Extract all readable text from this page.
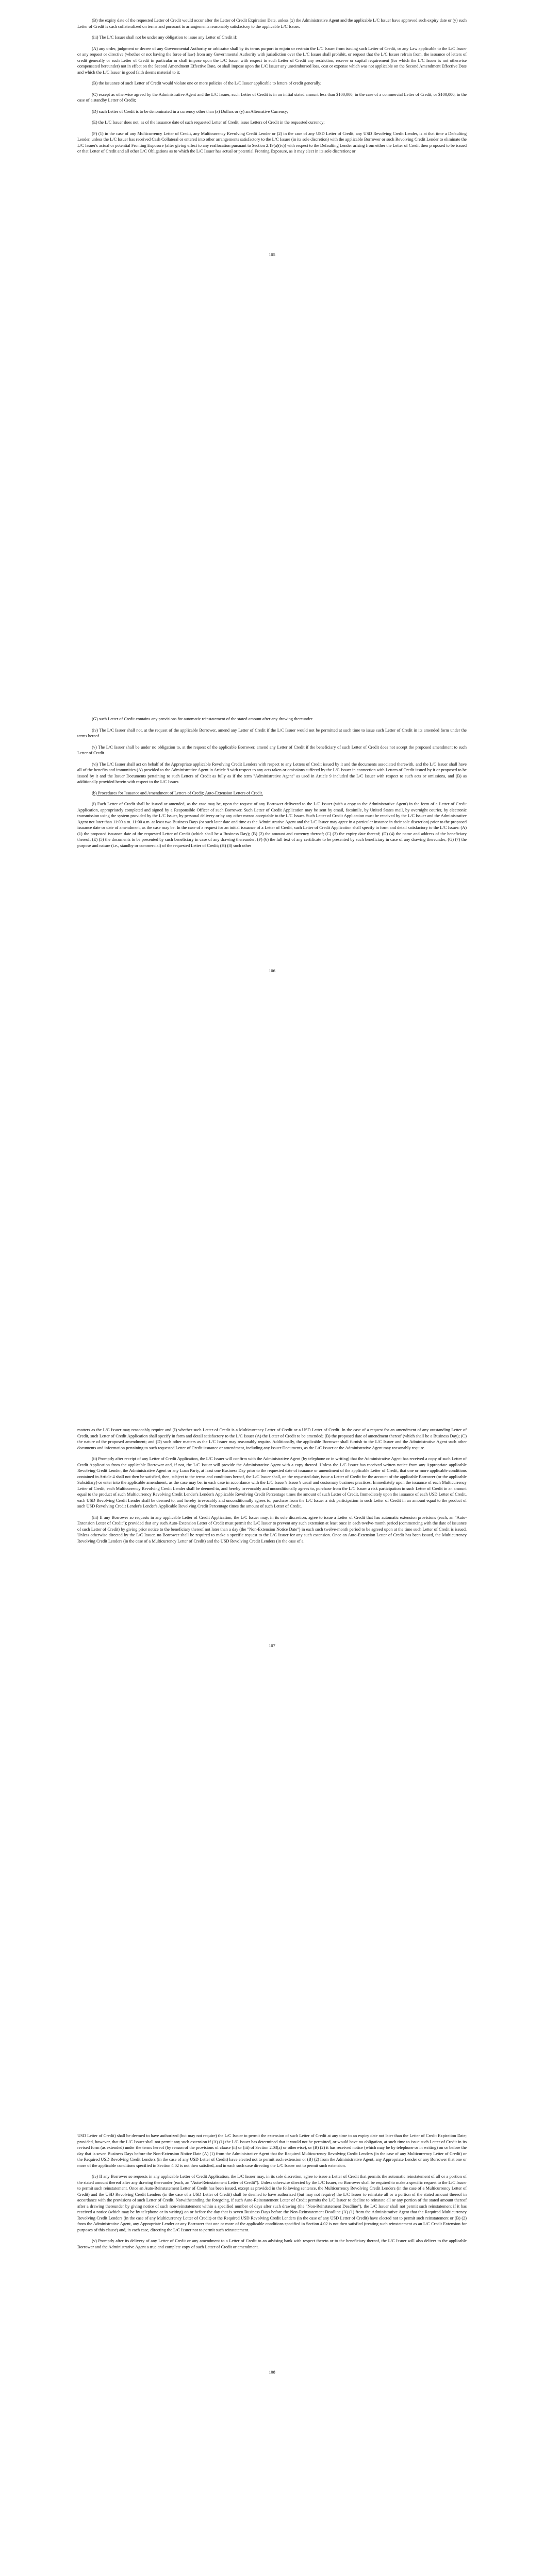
(B) the expiry date of the requested Letter of Credit would occur after the Letter of Credit Expiration Date, unless (x) the Administrative Agent and the applicable L/C Issuer have approved such expiry date or (y) such Letter of Credit is cash collateralized on terms and pursuant to arrangements reasonably satisfactory to the applicable L/C Issuer.

(iii) The L/C Issuer shall not be under any obligation to issue any Letter of Credit if:

(A) any order, judgment or decree of any Governmental Authority or arbitrator shall by its terms purport to enjoin or restrain the L/C Issuer from issuing such Letter of Credit, or any Law applicable to the L/C Issuer or any request or directive (whether or not having the force of law) from any Governmental Authority with jurisdiction over the L/C Issuer shall prohibit, or request that the L/C Issuer refrain from, the issuance of letters of credit generally or such Letter of Credit in particular or shall impose upon the L/C Issuer with respect to such Letter of Credit any restriction, reserve or capital requirement (for which the L/C Issuer is not otherwise compensated hereunder) not in effect on the Second Amendment Effective Date, or shall impose upon the L/C Issuer any unreimbursed loss, cost or expense which was not applicable on the Second Amendment Effective Date and which the L/C Issuer in good faith deems material to it;

(B) the issuance of such Letter of Credit would violate one or more policies of the L/C Issuer applicable to letters of credit generally;

(C) except as otherwise agreed by the Administrative Agent and the L/C Issuer, such Letter of Credit is in an initial stated amount less than $100,000, in the case of a commercial Letter of Credit, or $100,000, in the case of a standby Letter of Credit;

(D) such Letter of Credit is to be denominated in a currency other than (x) Dollars or (y) an Alternative Currency;

(E) the L/C Issuer does not, as of the issuance date of such requested Letter of Credit, issue Letters of Credit in the requested currency;

(F) (1) in the case of any Multicurrency Letter of Credit, any Multicurrency Revolving Credit Lender or (2) in the case of any USD Letter of Credit, any USD Revolving Credit Lender, is at that time a Defaulting Lender, unless the L/C Issuer has received Cash Collateral or entered into other arrangements satisfactory to the L/C Issuer (in its sole discretion) with the applicable Borrower or such Revolving Credit Lender to eliminate the L/C Issuer's actual or potential Fronting Exposure (after giving effect to any reallocation pursuant to Section 2.19(a)(iv)) with respect to the Defaulting Lender arising from either the Letter of Credit then proposed to be issued or that Letter of Credit and all other L/C Obligations as to which the L/C Issuer has actual or potential Fronting Exposure, as it may elect in its sole discretion; or

105

(G) such Letter of Credit contains any provisions for automatic reinstatement of the stated amount after any drawing thereunder.

(iv) The L/C Issuer shall not, at the request of the applicable Borrower, amend any Letter of Credit if the L/C Issuer would not be permitted at such time to issue such Letter of Credit in its amended form under the terms hereof.

(v) The L/C Issuer shall be under no obligation to, at the request of the applicable Borrower, amend any Letter of Credit if the beneficiary of such Letter of Credit does not accept the proposed amendment to such Letter of Credit.

(vi) The L/C Issuer shall act on behalf of the Appropriate applicable Revolving Credit Lenders with respect to any Letters of Credit issued by it and the documents associated therewith, and the L/C Issuer shall have all of the benefits and immunities (A) provided to the Administrative Agent in Article 9 with respect to any acts taken or omissions suffered by the L/C Issuer in connection with Letters of Credit issued by it or proposed to be issued by it and the Issuer Documents pertaining to such Letters of Credit as fully as if the term "Administrative Agent" as used in Article 9 included the L/C Issuer with respect to such acts or omissions, and (B) as additionally provided herein with respect to the L/C Issuer.

(b) Procedures for Issuance and Amendment of Letters of Credit; Auto-Extension Letters of Credit.

(i) Each Letter of Credit shall be issued or amended, as the case may be, upon the request of any Borrower delivered to the L/C Issuer (with a copy to the Administrative Agent) in the form of a Letter of Credit Application, appropriately completed and signed by a Responsible Officer of such Borrower. Such Letter of Credit Application may be sent by email, facsimile, by United States mail, by overnight courier, by electronic transmission using the system provided by the L/C Issuer, by personal delivery or by any other means acceptable to the L/C Issuer. Such Letter of Credit Application must be received by the L/C Issuer and the Administrative Agent not later than 11:00 a.m. 11:00 a.m. at least two Business Days (or such later date and time as the Administrative Agent and the L/C Issuer may agree in a particular instance in their sole discretion) prior to the proposed issuance date or date of amendment, as the case may be. In the case of a request for an initial issuance of a Letter of Credit, such Letter of Credit Application shall specify in form and detail satisfactory to the L/C Issuer: (A) (1) the proposed issuance date of the requested Letter of Credit (which shall be a Business Day); (B) (2) the amount and currency thereof; (C) (3) the expiry date thereof; (D) (4) the name and address of the beneficiary thereof; (E) (5) the documents to be presented by such beneficiary in case of any drawing thereunder; (F) (6) the full text of any certificate to be presented by such beneficiary in case of any drawing thereunder; (G) (7) the purpose and nature (i.e., standby or commercial) of the requested Letter of Credit; (H) (8) such other

106

matters as the L/C Issuer may reasonably require and (I) whether such Letter of Credit is a Multicurrency Letter of Credit or a USD Letter of Credit. In the case of a request for an amendment of any outstanding Letter of Credit, such Letter of Credit Application shall specify in form and detail satisfactory to the L/C Issuer (A) the Letter of Credit to be amended; (B) the proposed date of amendment thereof (which shall be a Business Day); (C) the nature of the proposed amendment; and (D) such other matters as the L/C Issuer may reasonably require. Additionally, the applicable Borrower shall furnish to the L/C Issuer and the Administrative Agent such other documents and information pertaining to such requested Letter of Credit issuance or amendment, including any Issuer Documents, as the L/C Issuer or the Administrative Agent may reasonably require.

(ii) Promptly after receipt of any Letter of Credit Application, the L/C Issuer will confirm with the Administrative Agent (by telephone or in writing) that the Administrative Agent has received a copy of such Letter of Credit Application from the applicable Borrower and, if not, the L/C Issuer will provide the Administrative Agent with a copy thereof. Unless the L/C Issuer has received written notice from any Appropriate applicable Revolving Credit Lender, the Administrative Agent or any Loan Party, at least one Business Day prior to the requested date of issuance or amendment of the applicable Letter of Credit, that one or more applicable conditions contained in Article 4 shall not then be satisfied, then, subject to the terms and conditions hereof, the L/C Issuer shall, on the requested date, issue a Letter of Credit for the account of the applicable Borrower (or the applicable Subsidiary) or enter into the applicable amendment, as the case may be, in each case in accordance with the L/C Issuer's Issuer's usual and customary business practices. Immediately upon the issuance of each Multicurrency Letter of Credit, each Multicurrency Revolving Credit Lender shall be deemed to, and hereby irrevocably and unconditionally agrees to, purchase from the L/C Issuer a risk participation in such Letter of Credit in an amount equal to the product of such Multicurrency Revolving Credit Lender's Lender's Applicable Revolving Credit Percentage times the amount of such Letter of Credit. Immediately upon the issuance of each USD Letter of Credit, each USD Revolving Credit Lender shall be deemed to, and hereby irrevocably and unconditionally agrees to, purchase from the L/C Issuer a risk participation in such Letter of Credit in an amount equal to the product of such USD Revolving Credit Lender's Lender's Applicable Revolving Credit Percentage times the amount of such Letter of Credit.

(iii) If any Borrower so requests in any applicable Letter of Credit Application, the L/C Issuer may, in its sole discretion, agree to issue a Letter of Credit that has automatic extension provisions (each, an "Auto-Extension Letter of Credit"); provided that any such Auto-Extension Letter of Credit must permit the L/C Issuer to prevent any such extension at least once in each twelve-month period (commencing with the date of issuance of such Letter of Credit) by giving prior notice to the beneficiary thereof not later than a day (the "Non-Extension Notice Date") in each such twelve-month period to be agreed upon at the time such Letter of Credit is issued. Unless otherwise directed by the L/C Issuer, no Borrower shall be required to make a specific request to the L/C Issuer for any such extension. Once an Auto-Extension Letter of Credit has been issued, the Multicurrency Revolving Credit Lenders (in the case of a Multicurrency Letter of Credit) and the USD Revolving Credit Lenders (in the case of a

107

USD Letter of Credit) shall be deemed to have authorized (but may not require) the L/C Issuer to permit the extension of such Letter of Credit at any time to an expiry date not later than the Letter of Credit Expiration Date; provided, however, that the L/C Issuer shall not permit any such extension if (A) (1) the L/C Issuer has determined that it would not be permitted, or would have no obligation, at such time to issue such Letter of Credit in its revised form (as extended) under the terms hereof (by reason of the provisions of clause (ii) or (iii) of Section 2.03(a) or otherwise), or (B) (2) it has received notice (which may be by telephone or in writing) on or before the day that is seven Business Days before the Non-Extension Notice Date (A) (1) from the Administrative Agent that the Required Multicurrency Revolving Credit Lenders (in the case of any Multicurrency Letter of Credit) or the Required USD Revolving Credit Lenders (in the case of any USD Letter of Credit) have elected not to permit such extension or (B) (2) from the Administrative Agent, any Appropriate Lender or any Borrower that one or more of the applicable conditions specified in Section 4.02 is not then satisfied, and in each such case directing the L/C Issuer not to permit such extension.

(iv) If any Borrower so requests in any applicable Letter of Credit Application, the L/C Issuer may, in its sole discretion, agree to issue a Letter of Credit that permits the automatic reinstatement of all or a portion of the stated amount thereof after any drawing thereunder (each, an "Auto-Reinstatement Letter of Credit"). Unless otherwise directed by the L/C Issuer, no Borrower shall be required to make a specific request to the L/C Issuer to permit such reinstatement. Once an Auto-Reinstatement Letter of Credit has been issued, except as provided in the following sentence, the Multicurrency Revolving Credit Lenders (in the case of a Multicurrency Letter of Credit) and the USD Revolving Credit Lenders (in the case of a USD Letter of Credit) shall be deemed to have authorized (but may not require) the L/C Issuer to reinstate all or a portion of the stated amount thereof in accordance with the provisions of such Letter of Credit. Notwithstanding the foregoing, if such Auto-Reinstatement Letter of Credit permits the L/C Issuer to decline to reinstate all or any portion of the stated amount thereof after a drawing thereunder by giving notice of such non-reinstatement within a specified number of days after such drawing (the "Non-Reinstatement Deadline"), the L/C Issuer shall not permit such reinstatement if it has received a notice (which may be by telephone or in writing) on or before the day that is seven Business Days before the Non-Reinstatement Deadline (A) (1) from the Administrative Agent that the Required Multicurrency Revolving Credit Lenders (in the case of any Multicurrency Letter of Credit) or the Required USD Revolving Credit Lenders (in the case of any USD Letter of Credit) have elected not to permit such reinstatement or (B) (2) from the Administrative Agent, any Appropriate Lender or any Borrower that one or more of the applicable conditions specified in Section 4.02 is not then satisfied (treating such reinstatement as an L/C Credit Extension for purposes of this clause) and, in each case, directing the L/C Issuer not to permit such reinstatement.

(v) Promptly after its delivery of any Letter of Credit or any amendment to a Letter of Credit to an advising bank with respect thereto or to the beneficiary thereof, the L/C Issuer will also deliver to the applicable Borrower and the Administrative Agent a true and complete copy of such Letter of Credit or amendment.

108
